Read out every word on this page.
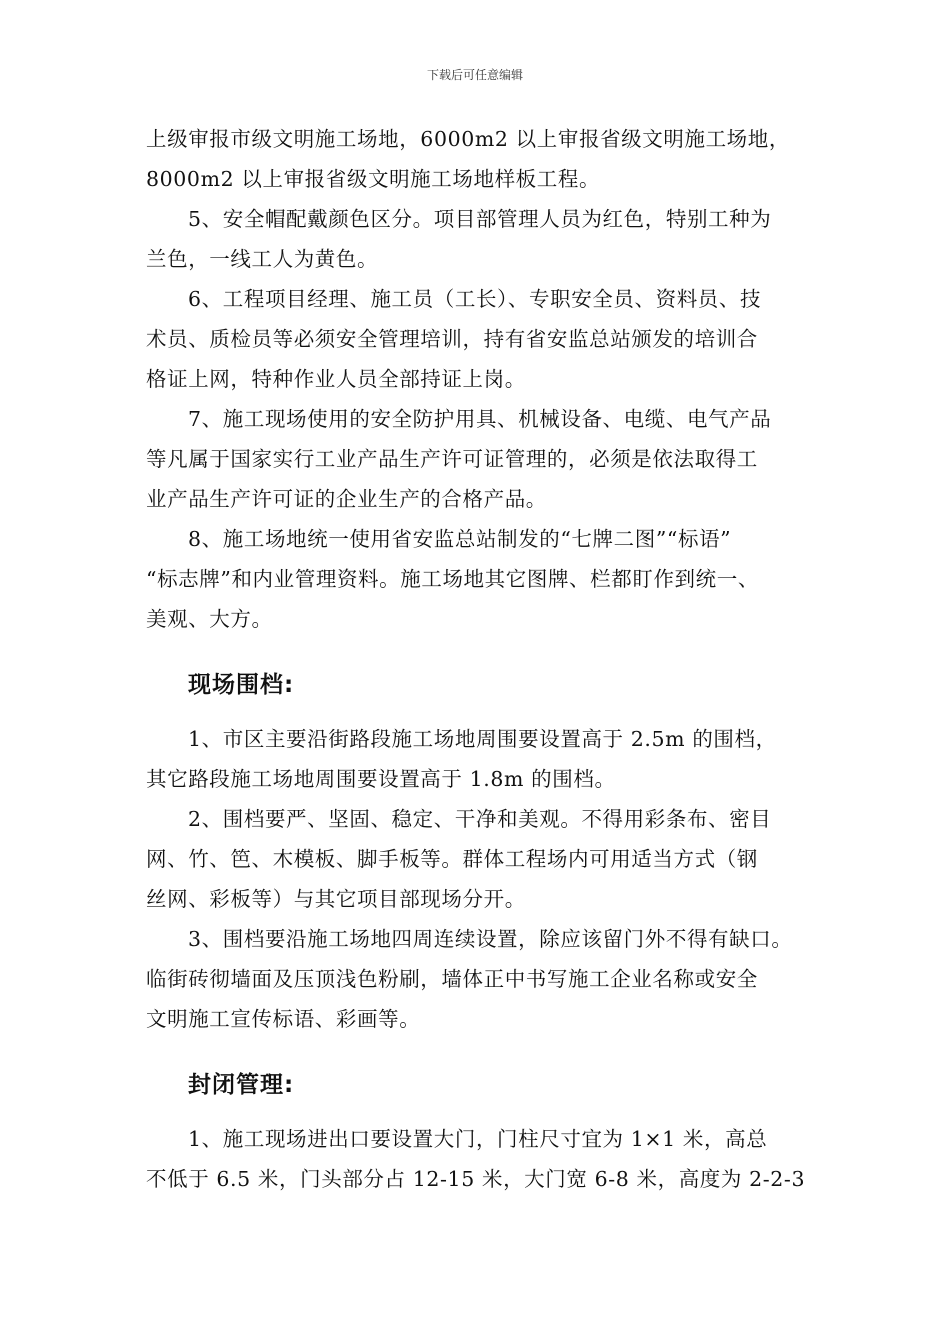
下载后可任意编辑

上级审报市级文明施工场地，6000m2 以上审报省级文明施工场地，

8000m2 以上审报省级文明施工场地样板工程。

5、安全帽配戴颜色区分。项目部管理人员为红色，特别工种为

兰色，一线工人为黄色。

6、工程项目经理、施工员（工长）、专职安全员、资料员、技

术员、质检员等必须安全管理培训，持有省安监总站颁发的培训合

格证上网，特种作业人员全部持证上岗。

7、施工现场使用的安全防护用具、机械设备、电缆、电气产品

等凡属于国家实行工业产品生产许可证管理的，必须是依法取得工

业产品生产许可证的企业生产的合格产品。

8、施工场地统一使用省安监总站制发的“七牌二图”“标语”

“标志牌”和内业管理资料。施工场地其它图牌、栏都盯作到统一、

美观、大方。

现场围档:

1、市区主要沿街路段施工场地周围要设置高于 2.5m 的围档，

其它路段施工场地周围要设置高于 1.8m 的围档。

2、围档要严、坚固、稳定、干净和美观。不得用彩条布、密目

网、竹、笆、木模板、脚手板等。群体工程场内可用适当方式（钢

丝网、彩板等）与其它项目部现场分开。

3、围档要沿施工场地四周连续设置，除应该留门外不得有缺口。

临街砖彻墙面及压顶浅色粉刷，墙体正中书写施工企业名称或安全

文明施工宣传标语、彩画等。

封闭管理:

1、施工现场进出口要设置大门，门柱尺寸宜为 1×1 米，高总

不低于 6.5 米，门头部分占 12-15 米，大门宽 6-8 米，高度为 2-2-3
